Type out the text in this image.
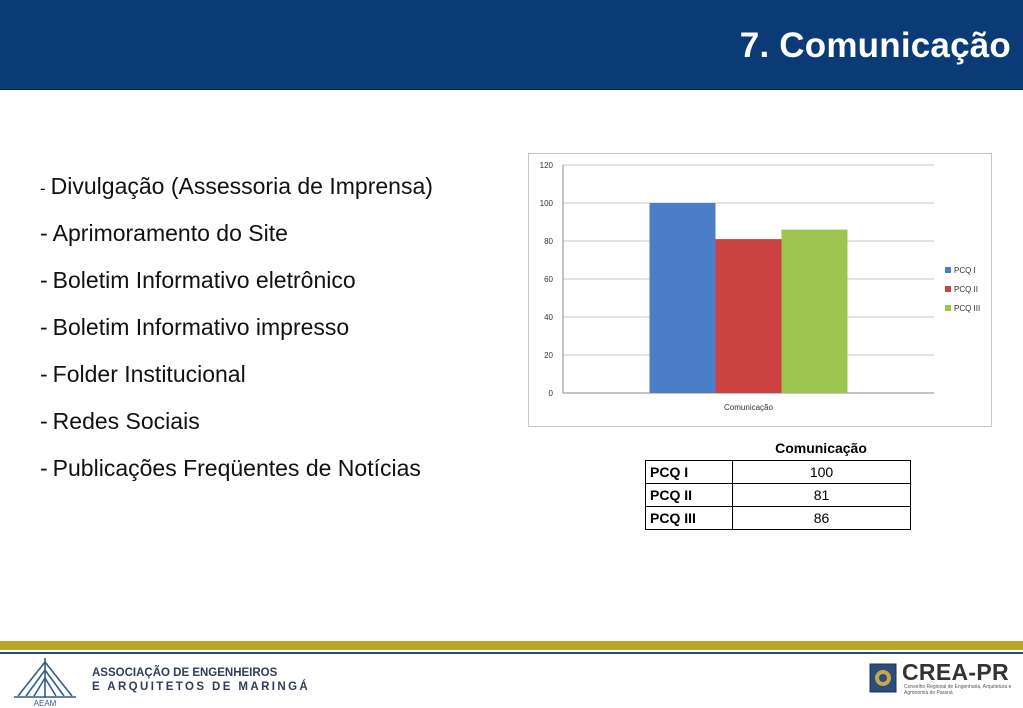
7. Comunicação
- Divulgação (Assessoria de Imprensa)
- Aprimoramento do Site
- Boletim Informativo eletrônico
- Boletim Informativo impresso
- Folder Institucional
- Redes Sociais
- Publicações Freqüentes de Notícias
0
20
40
60
80
100
120
Comunicação
PCQ I
PCQ II
PCQ III
Comunicação
PCQ I	100
PCQ II	81
PCQ III	86
AEAM
ASSOCIAÇÃO DE ENGENHEIROS
E ARQUITETOS DE MARINGÁ
CREA-PR
Conselho Regional de Engenharia, Arquitetura e Agronomia do Paraná
